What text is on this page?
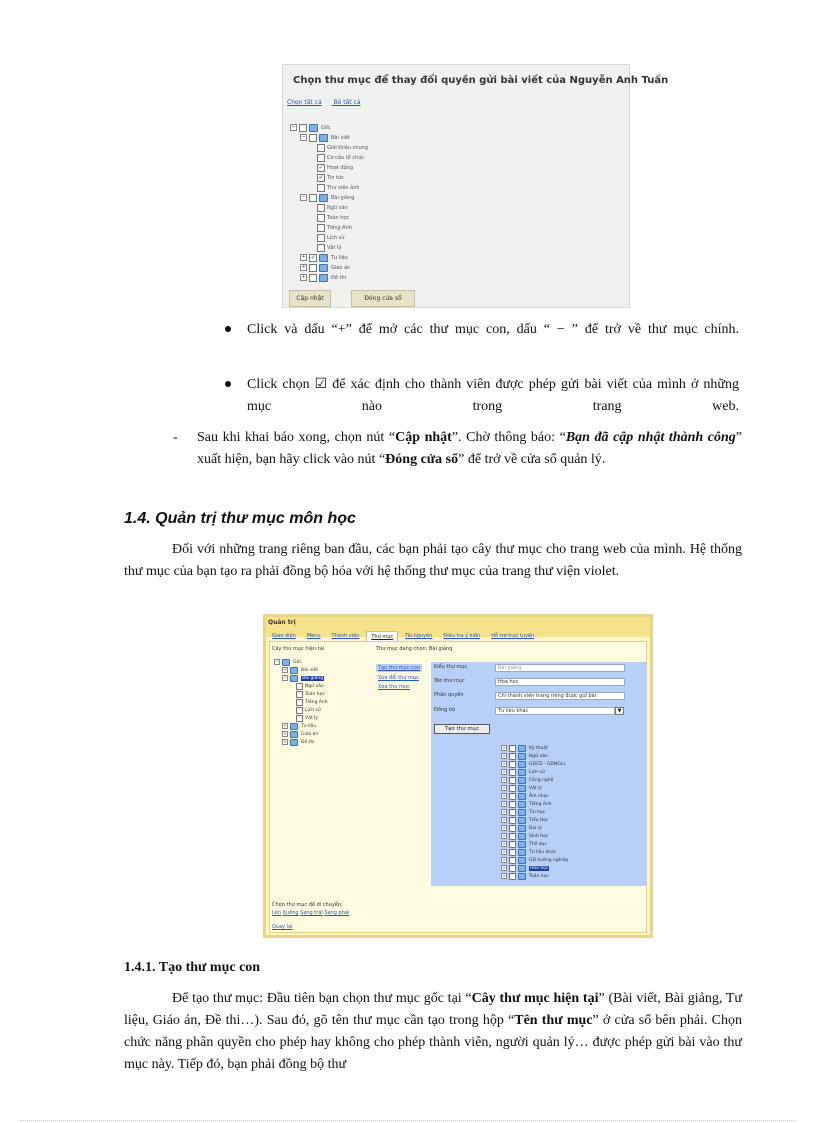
Chọn thư mục để thay đổi quyền gửi bài viết của Nguyễn Anh Tuấn
Chọn tất cả Bỏ tất cả
−	Gốc
−	Bài viết
Giới thiệu chung
Cơ cấu tổ chức
✓ Hoạt động
✓ Tin tức
Thư viện ảnh
−	Bài giảng
Ngữ văn
Toán học
Tiếng Anh
Lịch sử
Vật lý
+ ✓	Tư liệu
+	Giáo án
+	Đề thi
Cập nhật	Đóng cửa sổ
Click và dấu “+” để mở các thư mục con, dấu “ − ” để trở về thư mục chính.
Click chọn ☑ để xác định cho thành viên được phép gửi bài viết của mình ở những mục nào trong trang web.
- Sau khi khai báo xong, chọn nút “Cập nhật”. Chờ thông báo: “Bạn đã cập nhật thành công” xuất hiện, bạn hãy click vào nút “Đóng cửa sổ” để trở về cửa sổ quản lý.
1.4. Quản trị thư mục môn học
Đối với những trang riêng ban đầu, các bạn phải tạo cây thư mục cho trang web của mình. Hệ thống thư mục của bạn tạo ra phải đồng bộ hóa với hệ thống thư mục của trang thư viện violet.
Quản trị
Giao diện	Menu	Thành viên	Thư mục	Tài nguyên	Điều tra ý kiến	Hỗ trợ trực tuyến
Cây thư mục hiện tại	Thư mục đang chọn: Bài giảng
−	Gốc
+	Bài viết
−	Bài giảng
Ngữ văn
Toán học
Tiếng Anh
Lịch sử
Vật lý
+	Tư liệu
+	Giáo án
+	Đề thi
Tạo thư mục con
Sửa đổi thư mục
Xóa thư mục
Kiểu thư mục	Bài giảng
Tên thư mục	Hóa học
Phân quyền	Chỉ thành viên trang riêng được gửi bài
Đồng bộ	Tư liệu khác	▼
Tạo thư mục
+	Kỹ thuật
+	Ngữ văn
+	GDCD - GDNGLL
+	Lịch sử
+	Công nghệ
+	Vật lý
+	Âm nhạc
+	Tiếng Anh
+	Tin học
+	Tiểu Học
+	Địa lý
+	Sinh học
+	Thể dục
+	Tư liệu khác
+	GD hướng nghiệp
+	Hóa học
+	Toán học
Chọn thư mục để di chuyển:
Lên Xuống Sang trái Sang phải
Quay lại
1.4.1. Tạo thư mục con
Để tạo thư mục: Đầu tiên bạn chọn thư mục gốc tại “Cây thư mục hiện tại” (Bài viết, Bài giảng, Tư liệu, Giáo án, Đề thi…). Sau đó, gõ tên thư mục cần tạo trong hộp “Tên thư mục” ở cửa sổ bên phải. Chọn chức năng phân quyền cho phép hay không cho phép thành viên, người quản lý… được phép gửi bài vào thư mục này. Tiếp đó, bạn phải đồng bộ thư
